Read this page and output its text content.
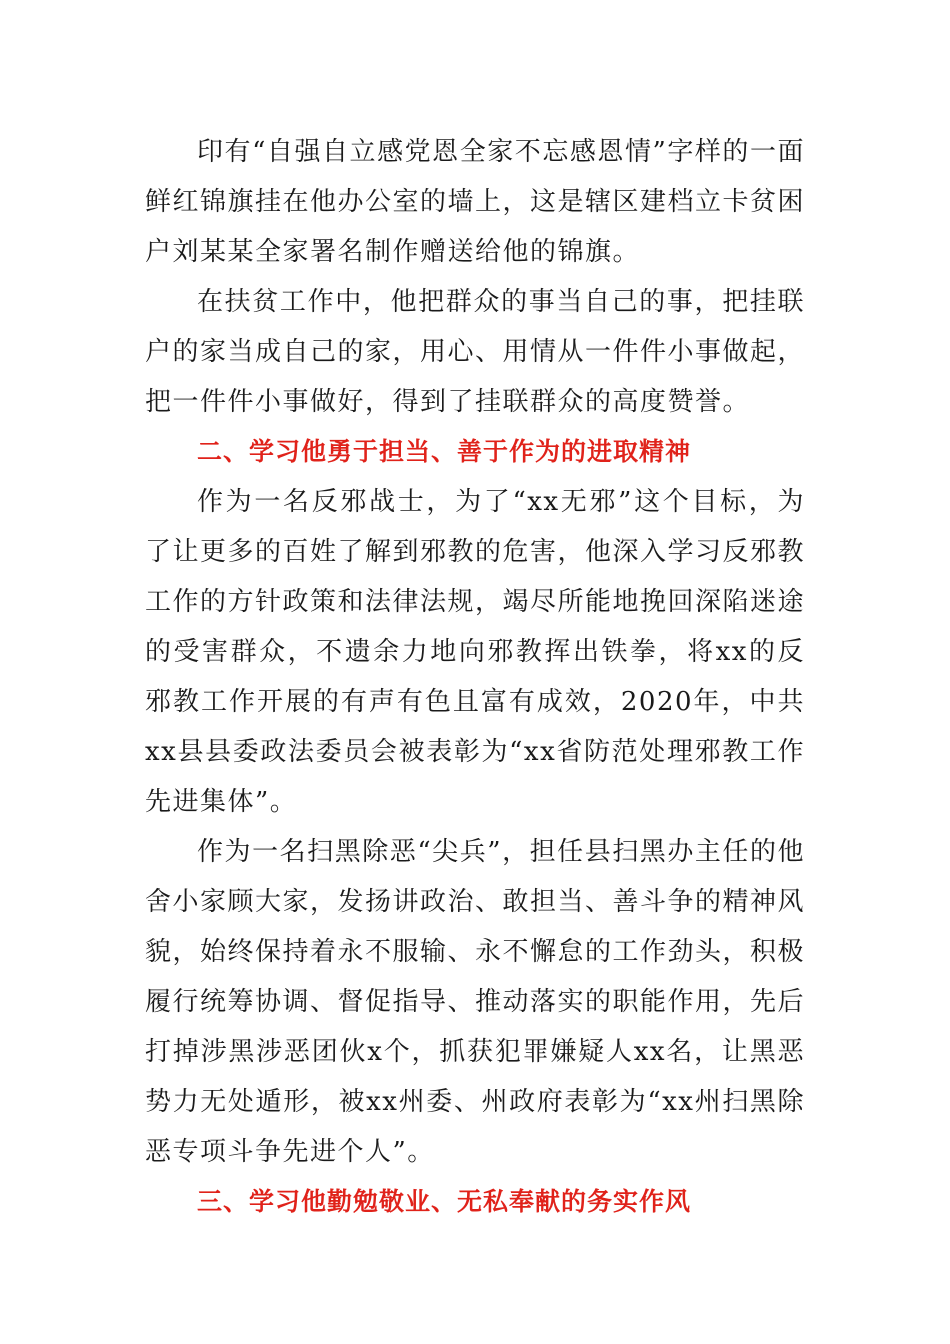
印有“自强自立感党恩全家不忘感恩情”字样的一面鲜红锦旗挂在他办公室的墙上，这是辖区建档立卡贫困户刘某某全家署名制作赠送给他的锦旗。

在扶贫工作中，他把群众的事当自己的事，把挂联户的家当成自己的家，用心、用情从一件件小事做起，把一件件小事做好，得到了挂联群众的高度赞誉。

二、学习他勇于担当、善于作为的进取精神

作为一名反邪战士，为了“xx无邪”这个目标，为了让更多的百姓了解到邪教的危害，他深入学习反邪教工作的方针政策和法律法规，竭尽所能地挽回深陷迷途的受害群众，不遗余力地向邪教挥出铁拳，将xx的反邪教工作开展的有声有色且富有成效，2020年，中共xx县县委政法委员会被表彰为“xx省防范处理邪教工作先进集体”。

作为一名扫黑除恶“尖兵”，担任县扫黑办主任的他舍小家顾大家，发扬讲政治、敢担当、善斗争的精神风貌，始终保持着永不服输、永不懈怠的工作劲头，积极履行统筹协调、督促指导、推动落实的职能作用，先后打掉涉黑涉恶团伙x个，抓获犯罪嫌疑人xx名，让黑恶势力无处遁形，被xx州委、州政府表彰为“xx州扫黑除恶专项斗争先进个人”。

三、学习他勤勉敬业、无私奉献的务实作风
